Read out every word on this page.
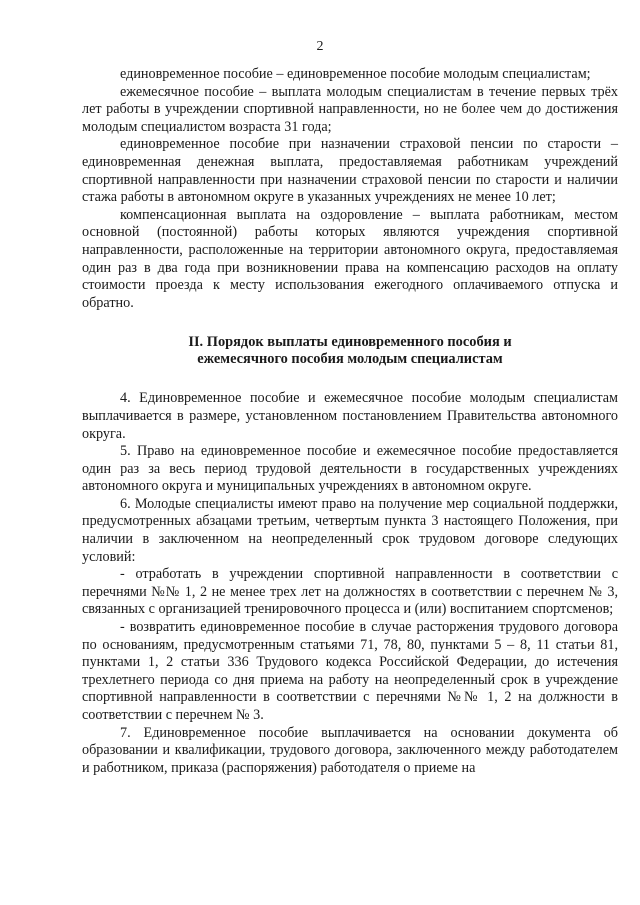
2

единовременное пособие – единовременное пособие молодым специалистам;

ежемесячное пособие – выплата молодым специалистам в течение первых трёх лет работы в учреждении спортивной направленности, но не более чем до достижения молодым специалистом возраста 31 года;

единовременное пособие при назначении страховой пенсии по старости – единовременная денежная выплата, предоставляемая работникам учреждений спортивной направленности при назначении страховой пенсии по старости и наличии стажа работы в автономном округе в указанных учреждениях не менее 10 лет;

компенсационная выплата на оздоровление – выплата работникам, местом основной (постоянной) работы которых являются учреждения спортивной направленности, расположенные на территории автономного округа, предоставляемая один раз в два года при возникновении права на компенсацию расходов на оплату стоимости проезда к месту использования ежегодного оплачиваемого отпуска и обратно.

II. Порядок выплаты единовременного пособия и
ежемесячного пособия молодым специалистам

4. Единовременное пособие и ежемесячное пособие молодым специалистам выплачивается в размере, установленном постановлением Правительства автономного округа.

5. Право на единовременное пособие и ежемесячное пособие предоставляется один раз за весь период трудовой деятельности в государственных учреждениях автономного округа и муниципальных учреждениях в автономном округе.

6. Молодые специалисты имеют право на получение мер социальной поддержки, предусмотренных абзацами третьим, четвертым пункта 3 настоящего Положения, при наличии в заключенном на неопределенный срок трудовом договоре следующих условий:

- отработать в учреждении спортивной направленности в соответствии с перечнями №№ 1, 2 не менее трех лет на должностях в соответствии с перечнем № 3, связанных с организацией тренировочного процесса и (или) воспитанием спортсменов;

- возвратить единовременное пособие в случае расторжения трудового договора по основаниям, предусмотренным статьями 71, 78, 80, пунктами 5 – 8, 11 статьи 81, пунктами 1, 2 статьи 336 Трудового кодекса Российской Федерации, до истечения трехлетнего периода со дня приема на работу на неопределенный срок в учреждение спортивной направленности в соответствии с перечнями №№ 1, 2 на должности в соответствии с перечнем № 3.

7. Единовременное пособие выплачивается на основании документа об образовании и квалификации, трудового договора, заключенного между работодателем и работником, приказа (распоряжения) работодателя о приеме на
